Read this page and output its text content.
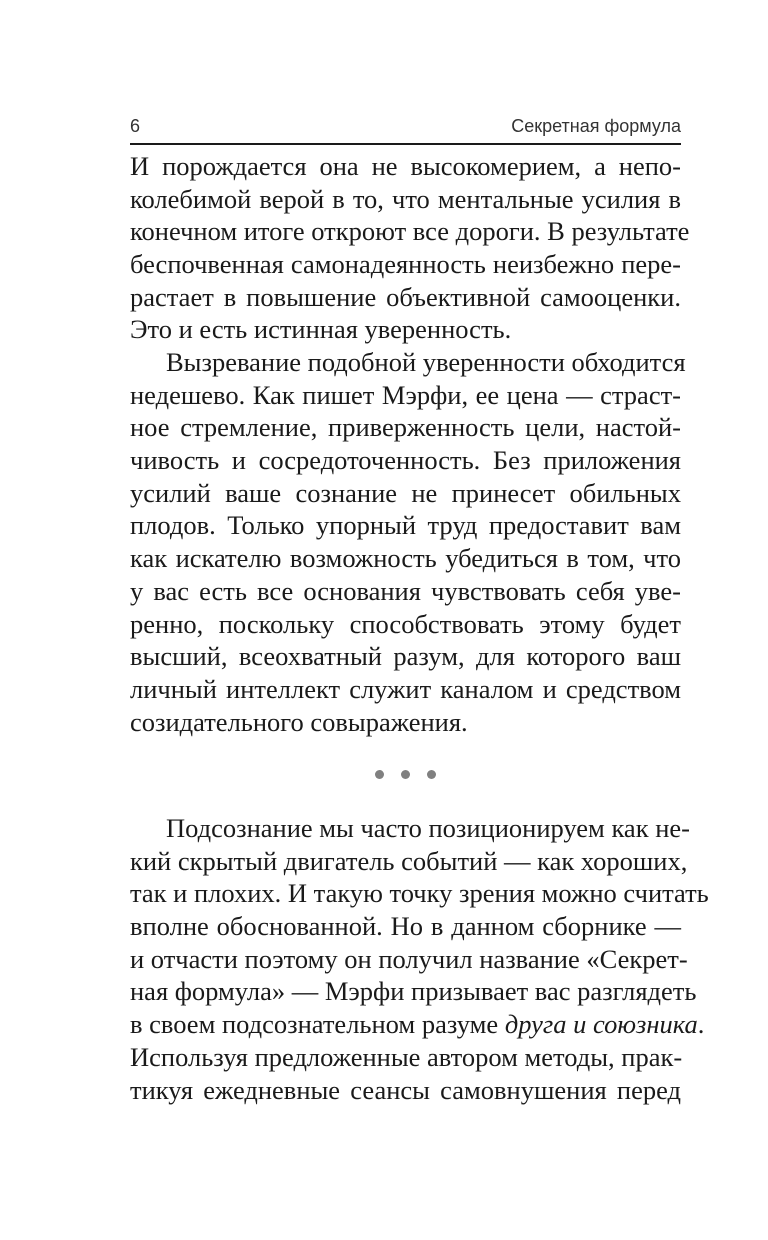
6	Секретная формула
И порождается она не высокомерием, а непо-
колебимой верой в то, что ментальные усилия в
конечном итоге откроют все дороги. В результате
беспочвенная самонадеянность неизбежно пере-
растает в повышение объективной самооценки.
Это и есть истинная уверенность.
Вызревание подобной уверенности обходится
недешево. Как пишет Мэрфи, ее цена — страст-
ное стремление, приверженность цели, настой-
чивость и сосредоточенность. Без приложения
усилий ваше сознание не принесет обильных
плодов. Только упорный труд предоставит вам
как искателю возможность убедиться в том, что
у вас есть все основания чувствовать себя уве-
ренно, поскольку способствовать этому будет
высший, всеохватный разум, для которого ваш
личный интеллект служит каналом и средством
созидательного совыражения.
Подсознание мы часто позиционируем как не-
кий скрытый двигатель событий — как хороших,
так и плохих. И такую точку зрения можно считать
вполне обоснованной. Но в данном сборнике —
и отчасти поэтому он получил название «Секрет-
ная формула» — Мэрфи призывает вас разглядеть
в своем подсознательном разуме друга и союзника.
Используя предложенные автором методы, прак-
тикуя ежедневные сеансы самовнушения перед
